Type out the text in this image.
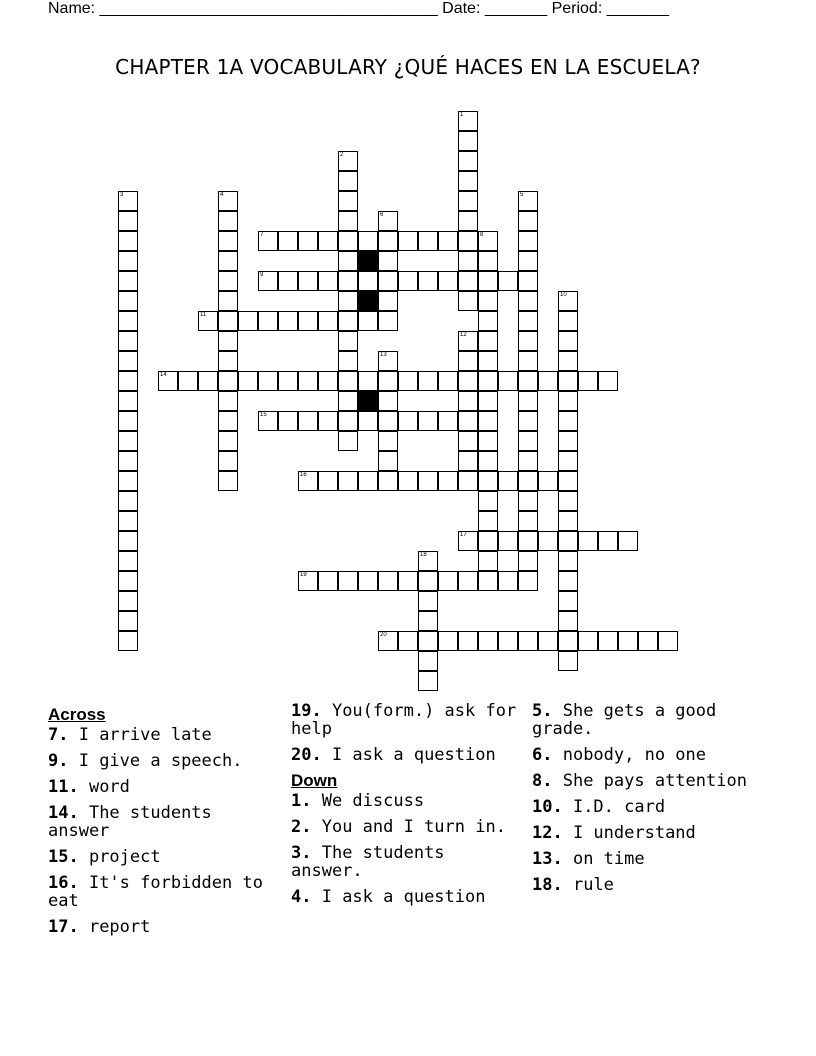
Name: ______________________________________ Date: _______ Period: _______
CHAPTER 1A VOCABULARY ¿QUÉ HACES EN LA ESCUELA?
1
2
3	4	5
6
7	8
9
10
11
12
13
14
15
16
17
18
19
20
Across
7. I arrive late
9. I give a speech.
11. word
14. The students answer
15. project
16. It's forbidden to eat
17. report
19. You(form.) ask for help
20. I ask a question
Down
1. We discuss
2. You and I turn in.
3. The students answer.
4. I ask a question
5. She gets a good grade.
6. nobody, no one
8. She pays attention
10. I.D. card
12. I understand
13. on time
18. rule
